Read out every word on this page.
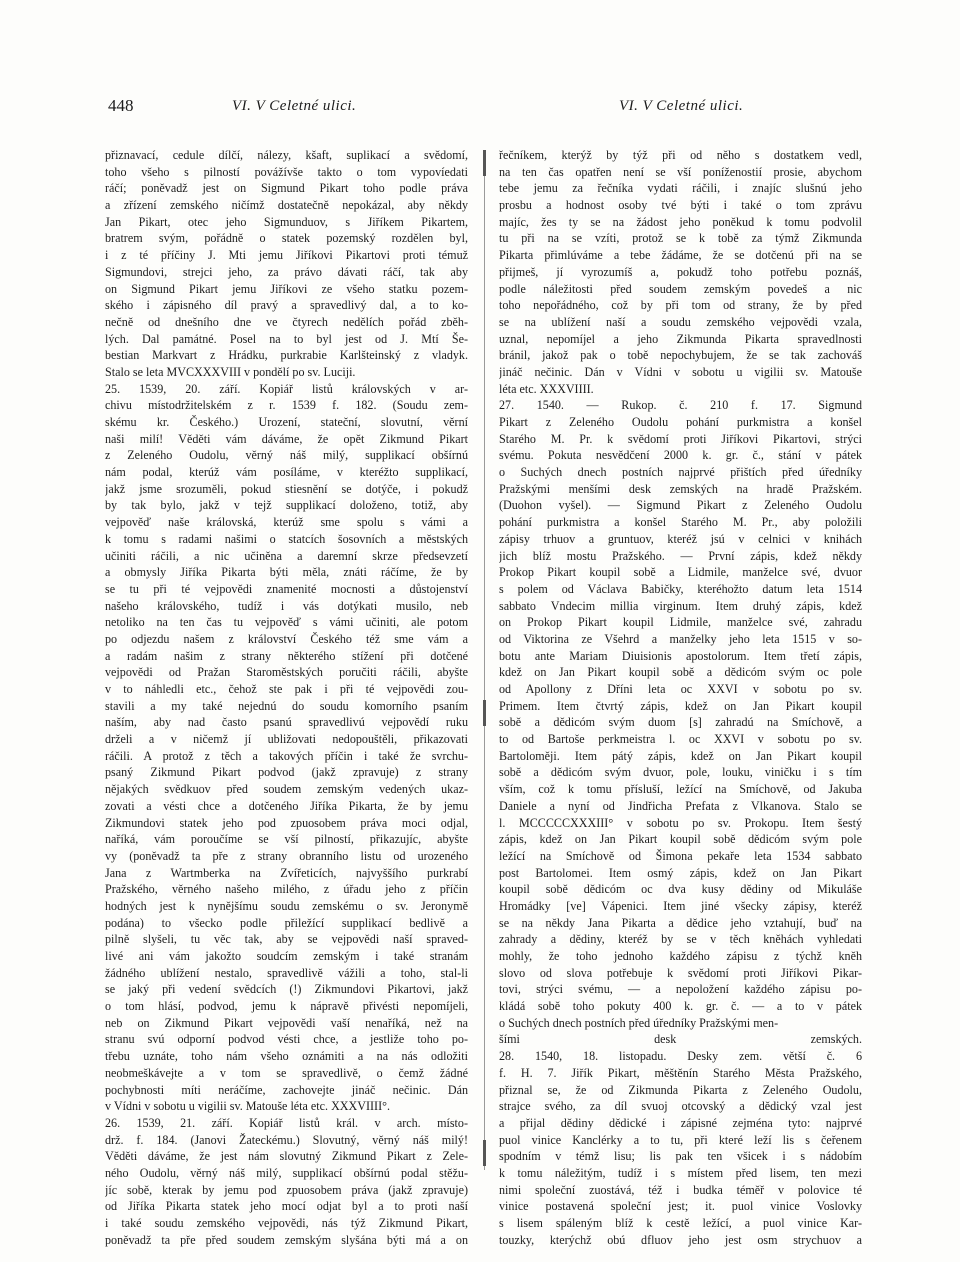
448	VI. V Celetné ulici.	VI. V Celetné ulici.

přiznavací, cedule dílčí, nálezy, kšaft, suplikací a svědomí,

toho všeho s pilností povážívše takto o tom vypovíedati

ráčí; poněvadž jest on Sigmund Pikart toho podle práva

a zřízení zemského ničímž dostatečně nepokázal, aby někdy

Jan Pikart, otec jeho Sigmunduov, s Jiříkem Pikartem,

bratrem svým, pořádně o statek pozemský rozdělen byl,

i z té příčiny J. Mti jemu Jiříkovi Pikartovi proti témuž

Sigmundovi, strejci jeho, za právo dávati ráčí, tak aby

on Sigmund Pikart jemu Jiříkovi ze všeho statku pozem-

ského i zápisného díl pravý a spravedlivý dal, a to ko-

nečně od dnešního dne ve čtyrech nedělích pořád zběh-

lých. Dal památné. Posel na to byl jest od J. Mtí Še-

bestian Markvart z Hrádku, purkrabie Karlšteinský z vladyk.

Stalo se leta MVCXXXVIII v pondělí po sv. Luciji.

25. 1539, 20. září. Kopiář listů královských v ar-

chivu místodržitelském z r. 1539 f. 182. (Soudu zem-

skému kr. Českého.) Urození, stateční, slovutní, věrní

naši milí! Věděti vám dáváme, že opět Zikmund Pikart

z Zeleného Oudolu, věrný náš milý, supplikací obšírnú

nám podal, kterúž vám posíláme, v kteréžto supplikací,

jakž jsme srozuměli, pokud stiesnění se dotýče, i pokudž

by tak bylo, jakž v tejž supplikací doloženo, totiž, aby

vejpověď naše královská, kterúž sme spolu s vámi a

k tomu s radami našimi o statcích šosovních a městských

učiniti ráčili, a nic učiněna a daremní skrze předsevzetí

a obmysly Jiříka Pikarta býti měla, znáti ráčíme, že by

se tu při té vejpovědi znamenité mocnosti a důstojenství

našeho královského, tudíž i vás dotýkati musilo, neb

netoliko na ten čas tu vejpověď s vámi učiniti, ale potom

po odjezdu našem z království Českého též sme vám a

a radám našim z strany některého stížení při dotčené

vejpovědi od Pražan Staroměstských poručiti ráčili, abyšte

v to náhledli etc., čehož ste pak i při té vejpovědi zou-

stavili a my také nejednú do soudu komorního psaním

naším, aby nad často psanú spravedlivú vejpovědí ruku

drželi a v ničemž jí ubližovati nedopouštěli, přikazovati

ráčili. A protož z těch a takových příčin i také že svrchu-

psaný Zikmund Pikart podvod (jakž zpravuje) z strany

nějakých svědkuov před soudem zemským vedených ukaz-

zovati a vésti chce a dotčeného Jiříka Pikarta, že by jemu

Zikmundovi statek jeho pod zpuosobem práva moci odjal,

naříká, vám poroučíme se vší pilností, přikazujíc, abyšte

vy (poněvadž ta pře z strany obranního listu od urozeného

Jana z Wartmberka na Zvířeticích, najvyššího purkrabí

Pražského, věrného našeho milého, z úřadu jeho z příčin

hodných jest k nynějšímu soudu zemskému o sv. Jeronymě

podána) to všecko podle přiležící supplikací bedlivě a

pilně slyšeli, tu věc tak, aby se vejpovědi naší spraved-

livé ani vám jakožto soudcím zemským i také stranám

žádného ublížení nestalo, spravedlivě vážili a toho, stal-li

se jaký při vedení svědcích (!) Zikmundovi Pikartovi, jakž

o tom hlásí, podvod, jemu k nápravě přivésti nepomíjeli,

neb on Zikmund Pikart vejpovědi vaší nenaříká, než na

stranu svú odporní podvod vésti chce, a jestliže toho po-

třebu uznáte, toho nám všeho oznámiti a na nás odložiti

neobmeškávejte a v tom se spravedlivě, o čemž žádné

pochybnosti míti neráčíme, zachovejte jináč nečinic. Dán

v Vídni v sobotu u vigilii sv. Matouše léta etc. XXXVIIII°.

26. 1539, 21. září. Kopiář listů král. v arch. místo-

drž. f. 184. (Janovi Žateckému.) Slovutný, věrný náš milý!

Věděti dáváme, že jest nám slovutný Zikmund Pikart z Zele-

ného Oudolu, věrný náš milý, supplikací obšírnú podal stěžu-

jíc sobě, kterak by jemu pod zpuosobem práva (jakž zpravuje)

od Jiříka Pikarta statek jeho mocí odjat byl a to proti naší

i také soudu zemského vejpovědi, nás týž Zikmund Pikart,

poněvadž ta pře před soudem zemským slyšána býti má a on

řečníkem, kterýž by týž při od něho s dostatkem vedl,

na ten čas opatřen není se vší poníženostií prosie, abychom

tebe jemu za řečníka vydati ráčili, i znajíc slušnú jeho

prosbu a hodnost osoby tvé býti i také o tom zprávu

majíc, žes ty se na žádost jeho poněkud k tomu podvolil

tu při na se vzíti, protož se k tobě za týmž Zikmunda

Pikarta přimlúváme a tebe žádáme, že se dotčenú při na se

přijmeš, jí vyrozumíš a, pokudž toho potřebu poznáš,

podle náležitosti před soudem zemským povedeš a nic

toho nepořádného, což by při tom od strany, že by před

se na ublížení naší a soudu zemského vejpovědi vzala,

uznal, nepomíjel a jeho Zikmunda Pikarta spravedlnosti

bránil, jakož pak o tobě nepochybujem, že se tak zachováš

jináč nečinic. Dán v Vídni v sobotu u vigilii sv. Matouše

léta etc. XXXVIIII.

27. 1540. — Rukop. č. 210 f. 17. Sigmund

Pikart z Zeleného Oudolu pohání purkmistra a konšel

Starého M. Pr. k svědomí proti Jiříkovi Pikartovi, strýci

svému. Pokuta nesvědčení 2000 k. gr. č., stání v pátek

o Suchých dnech postních najprvé přištích před úředníky

Pražskými menšími desk zemských na hradě Pražském.

(Duohon vyšel). — Sigmund Pikart z Zeleného Oudolu

pohání purkmistra a konšel Starého M. Pr., aby položili

zápisy trhuov a gruntuov, kteréž jsú v celnici v knihách

jich blíž mostu Pražského. — První zápis, kdež někdy

Prokop Pikart koupil sobě a Lidmile, manželce své, dvuor

s polem od Václava Babičky, kteréhožto datum leta 1514

sabbato Vndecim millia virginum. Item druhý zápis, kdež

on Prokop Pikart koupil Lidmile, manželce své, zahradu

od Viktorina ze Všehrd a manželky jeho leta 1515 v so-

botu ante Mariam Diuisionis apostolorum. Item třetí zápis,

kdež on Jan Pikart koupil sobě a dědicóm svým oc pole

od Apollony z Dříni leta oc XXVI v sobotu po sv.

Primem. Item čtvrtý zápis, kdež on Jan Pikart koupil

sobě a dědicóm svým duom [s] zahradú na Smíchově, a

to od Bartoše perkmeistra l. oc XXVI v sobotu po sv.

Bartoloměji. Item pátý zápis, kdež on Jan Pikart koupil

sobě a dědicóm svým dvuor, pole, louku, viničku i s tím

vším, což k tomu přísluší, ležící na Smíchově, od Jakuba

Daniele a nyní od Jindřicha Prefata z Vlkanova. Stalo se

l. MCCCCCXXXIII° v sobotu po sv. Prokopu. Item šestý

zápis, kdež on Jan Pikart koupil sobě dědicóm svým pole

ležící na Smíchově od Šimona pekaře leta 1534 sabbato

post Bartolomei. Item osmý zápis, kdež on Jan Pikart

koupil sobě dědicóm oc dva kusy dědiny od Mikuláše

Hromádky [ve] Vápenici. Item jiné všecky zápisy, kteréž

se na někdy Jana Pikarta a dědice jeho vztahují, buď na

zahrady a dědiny, kteréž by se v těch kněhách vyhledati

mohly, že toho jednoho každého zápisu z týchž kněh

slovo od slova potřebuje k svědomí proti Jiříkovi Pikar-

tovi, strýci svému, — a nepoložení každého zápisu po-

kládá sobě toho pokuty 400 k. gr. č. — a to v pátek

o Suchých dnech postních před úředníky Pražskými men-

šími desk zemských.

28. 1540, 18. listopadu. Desky zem. větší č. 6

f. H. 7. Jiřík Pikart, měštěnín Starého Města Pražského,

přiznal se, že od Zikmunda Pikarta z Zeleného Oudolu,

strajce svého, za díl svuoj otcovský a dědický vzal jest

a přijal dědiny dědické i zápisné zejména tyto: najprvé

puol vinice Kanclérky a to tu, při které leží lis s čeřenem

spodním v témž lisu; lis pak ten všicek i s nádobím

k tomu náležitým, tudíž i s místem před lisem, ten mezi

nimi společní zuostává, též i budka téměř v polovice té

vinice postavená společní jest; it. puol vinice Voslovky

s lisem spáleným blíž k cestě ležící, a puol vinice Kar-

touzky, kterýchž obú dfluov jeho jest osm strychuov a
